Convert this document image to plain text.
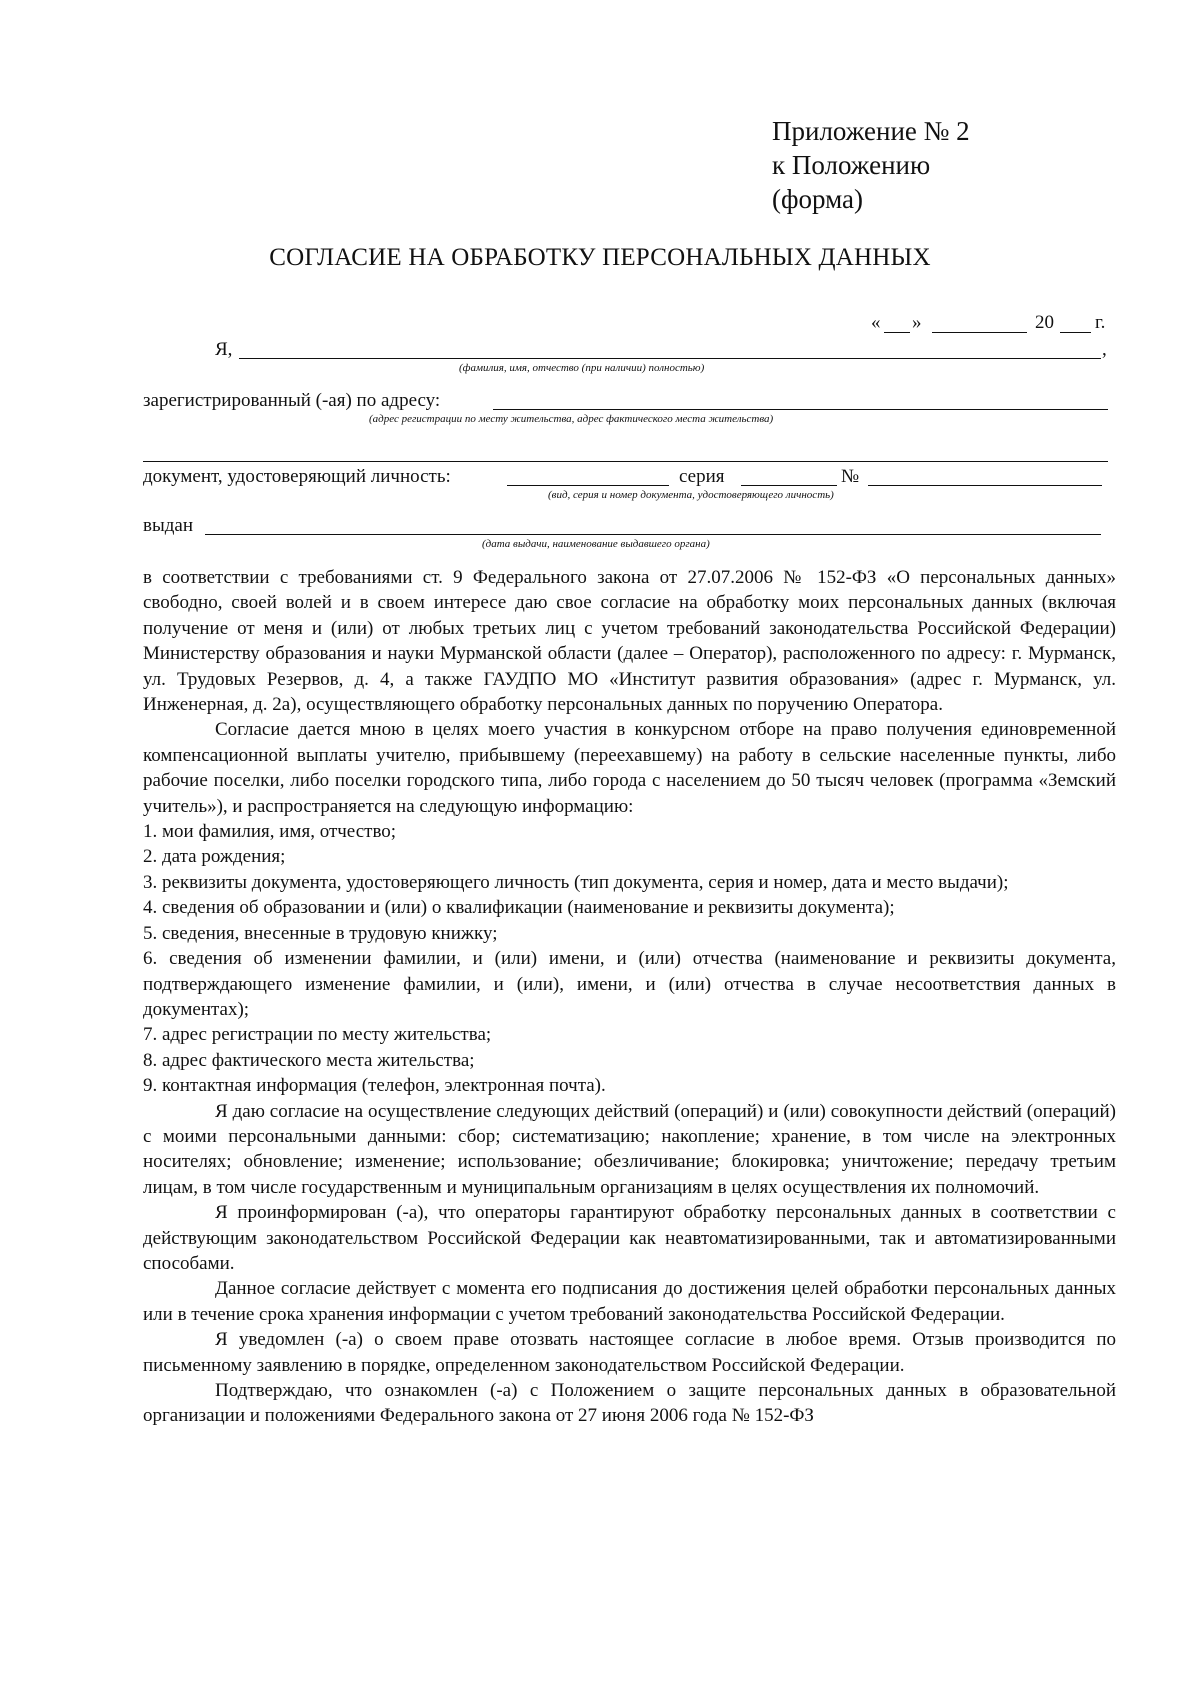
Приложение № 2
к Положению
(форма)
СОГЛАСИЕ НА ОБРАБОТКУ ПЕРСОНАЛЬНЫХ ДАННЫХ
« »	20 г.
Я,	,
(фамилия, имя, отчество (при наличии) полностью)
зарегистрированный (-ая) по адресу:
(адрес регистрации по месту жительства, адрес фактического места жительства)
документ, удостоверяющий личность:	серия	№
(вид, серия и номер документа, удостоверяющего личность)
выдан
(дата выдачи, наименование выдавшего органа)

в соответствии с требованиями ст. 9 Федерального закона от 27.07.2006 № 152-ФЗ «О персональных данных» свободно, своей волей и в своем интересе даю свое согласие на обработку моих персональных данных (включая получение от меня и (или) от любых третьих лиц с учетом требований законодательства Российской Федерации) Министерству образования и науки Мурманской области (далее – Оператор), расположенного по адресу: г. Мурманск, ул. Трудовых Резервов, д. 4, а также ГАУДПО МО «Институт развития образования» (адрес г. Мурманск, ул. Инженерная, д. 2а), осуществляющего обработку персональных данных по поручению Оператора.

Согласие дается мною в целях моего участия в конкурсном отборе на право получения единовременной компенсационной выплаты учителю, прибывшему (переехавшему) на работу в сельские населенные пункты, либо рабочие поселки, либо поселки городского типа, либо города с населением до 50 тысяч человек (программа «Земский учитель»), и распространяется на следующую информацию:

1. мои фамилия, имя, отчество;

2. дата рождения;

3. реквизиты документа, удостоверяющего личность (тип документа, серия и номер, дата и место выдачи);

4. сведения об образовании и (или) о квалификации (наименование и реквизиты документа);

5. сведения, внесенные в трудовую книжку;

6. сведения об изменении фамилии, и (или) имени, и (или) отчества (наименование и реквизиты документа, подтверждающего изменение фамилии, и (или), имени, и (или) отчества в случае несоответствия данных в документах);

7. адрес регистрации по месту жительства;

8. адрес фактического места жительства;

9. контактная информация (телефон, электронная почта).

Я даю согласие на осуществление следующих действий (операций) и (или) совокупности действий (операций) с моими персональными данными: сбор; систематизацию; накопление; хранение, в том числе на электронных носителях; обновление; изменение; использование; обезличивание; блокировка; уничтожение; передачу третьим лицам, в том числе государственным и муниципальным организациям в целях осуществления их полномочий.

Я проинформирован (-а), что операторы гарантируют обработку персональных данных в соответствии с действующим законодательством Российской Федерации как неавтоматизированными, так и автоматизированными способами.

Данное согласие действует с момента его подписания до достижения целей обработки персональных данных или в течение срока хранения информации с учетом требований законодательства Российской Федерации.

Я уведомлен (-а) о своем праве отозвать настоящее согласие в любое время. Отзыв производится по письменному заявлению в порядке, определенном законодательством Российской Федерации.

Подтверждаю, что ознакомлен (-а) с Положением о защите персональных данных в образовательной организации и положениями Федерального закона от 27 июня 2006 года № 152-ФЗ
